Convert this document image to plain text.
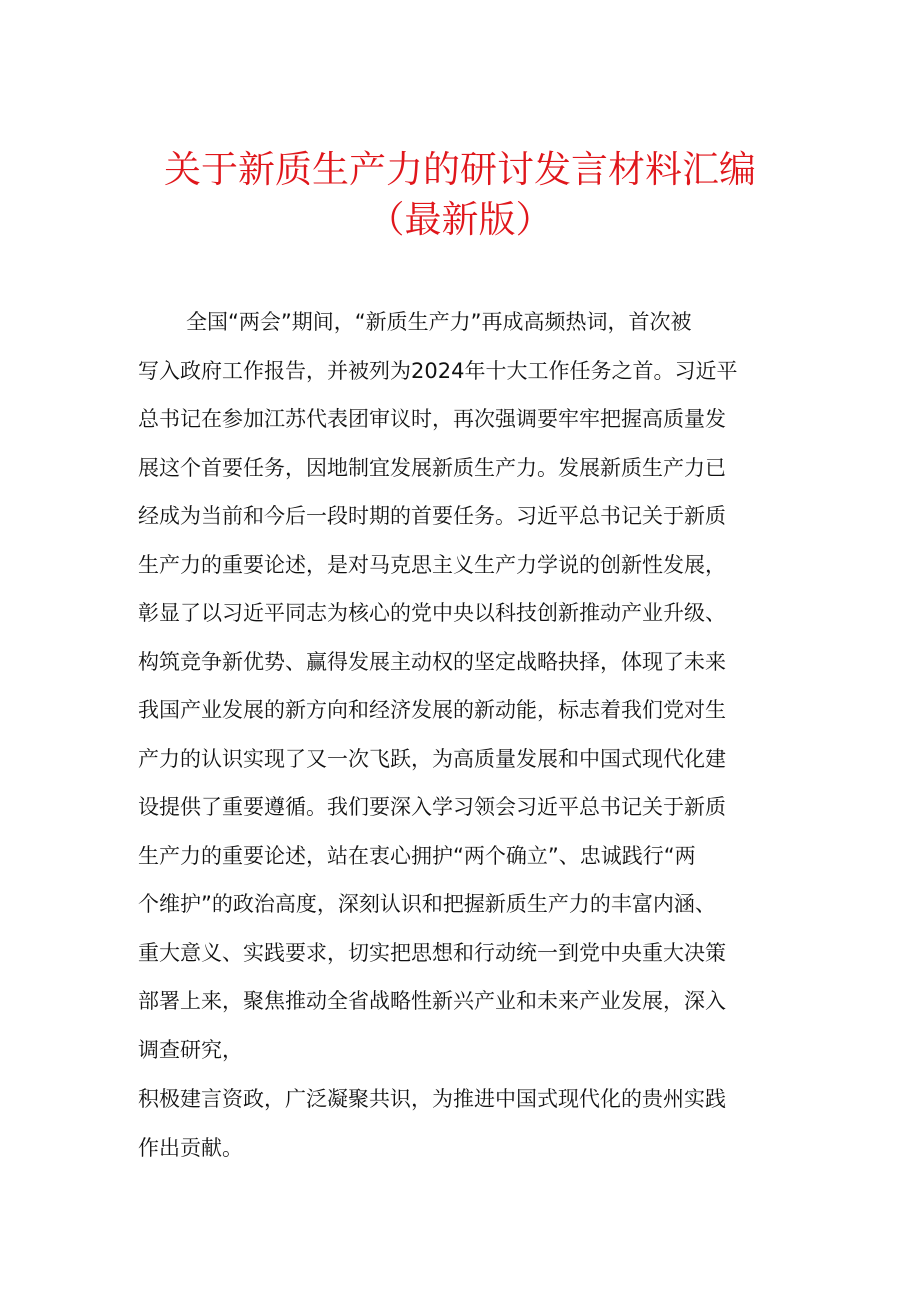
关于新质生产力的研讨发言材料汇编
（最新版）
全国“两会”期间，“新质生产力”再成高频热词，首次被
写入政府工作报告，并被列为2024年十大工作任务之首。习近平
总书记在参加江苏代表团审议时，再次强调要牢牢把握高质量发
展这个首要任务，因地制宜发展新质生产力。发展新质生产力已
经成为当前和今后一段时期的首要任务。习近平总书记关于新质
生产力的重要论述，是对马克思主义生产力学说的创新性发展，
彰显了以习近平同志为核心的党中央以科技创新推动产业升级、
构筑竞争新优势、赢得发展主动权的坚定战略抉择，体现了未来
我国产业发展的新方向和经济发展的新动能，标志着我们党对生
产力的认识实现了又一次飞跃，为高质量发展和中国式现代化建
设提供了重要遵循。我们要深入学习领会习近平总书记关于新质
生产力的重要论述，站在衷心拥护“两个确立”、忠诚践行“两
个维护”的政治高度，深刻认识和把握新质生产力的丰富内涵、
重大意义、实践要求，切实把思想和行动统一到党中央重大决策
部署上来，聚焦推动全省战略性新兴产业和未来产业发展，深入
调查研究，
积极建言资政，广泛凝聚共识，为推进中国式现代化的贵州实践
作出贡献。
